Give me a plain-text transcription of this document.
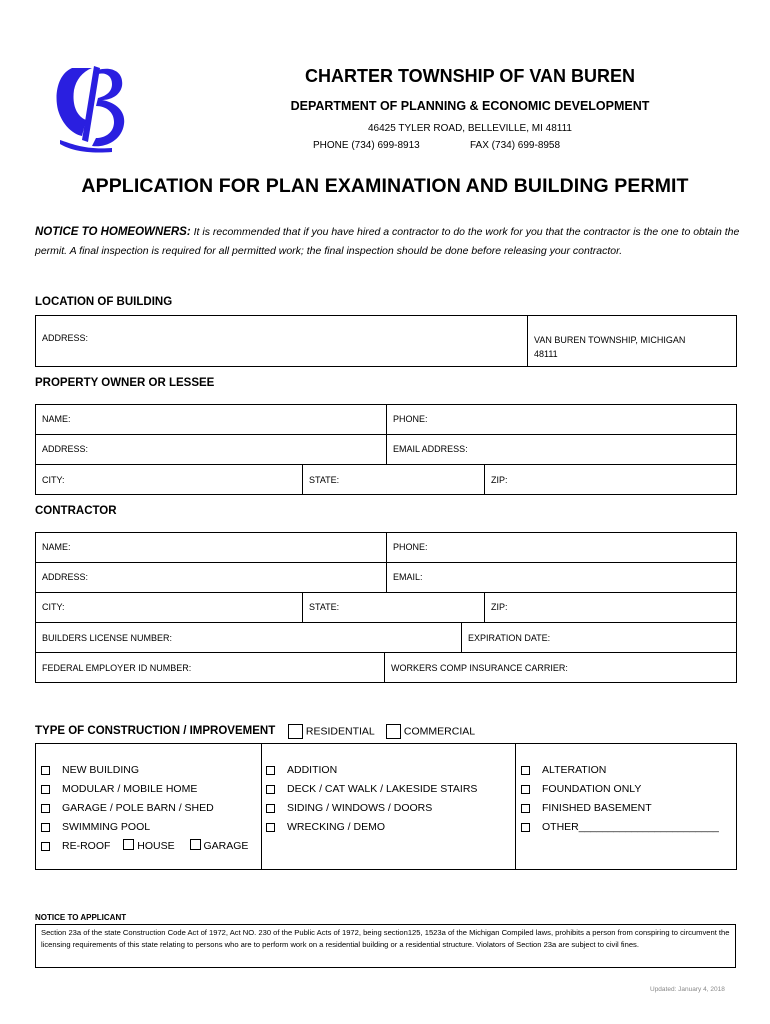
CHARTER TOWNSHIP OF VAN BUREN
DEPARTMENT OF PLANNING & ECONOMIC DEVELOPMENT
46425 TYLER ROAD, BELLEVILLE, MI 48111
PHONE (734) 699-8913	FAX (734) 699-8958
APPLICATION FOR PLAN EXAMINATION AND BUILDING PERMIT
NOTICE TO HOMEOWNERS: It is recommended that if you have hired a contractor to do the work for you that the contractor is the one to obtain the permit. A final inspection is required for all permitted work; the final inspection should be done before releasing your contractor.
LOCATION OF BUILDING
ADDRESS:	VAN BUREN TOWNSHIP, MICHIGAN
48111
PROPERTY OWNER OR LESSEE
NAME:	PHONE:
ADDRESS:	EMAIL ADDRESS:
CITY:	STATE:	ZIP:
CONTRACTOR
NAME:	PHONE:
ADDRESS:	EMAIL:
CITY:	STATE:	ZIP:
BUILDERS LICENSE NUMBER:	EXPIRATION DATE:
FEDERAL EMPLOYER ID NUMBER:	WORKERS COMP INSURANCE CARRIER:
TYPE OF CONSTRUCTION / IMPROVEMENT	RESIDENTIAL	COMMERCIAL
NEW BUILDING
MODULAR / MOBILE HOME
GARAGE / POLE BARN / SHED
SWIMMING POOL
RE-ROOF	HOUSE	GARAGE
ADDITION
DECK / CAT WALK / LAKESIDE STAIRS
SIDING / WINDOWS / DOORS
WRECKING / DEMO
ALTERATION
FOUNDATION ONLY
FINISHED BASEMENT
OTHER________________________
NOTICE TO APPLICANT
Section 23a of the state Construction Code Act of 1972, Act NO. 230 of the Public Acts of 1972, being section125, 1523a of the Michigan Compiled laws, prohibits a person from conspiring to circumvent the licensing requirements of this state relating to persons who are to perform work on a residential building or a residential structure. Violators of Section 23a are subject to civil fines.
Updated: January 4, 2018
